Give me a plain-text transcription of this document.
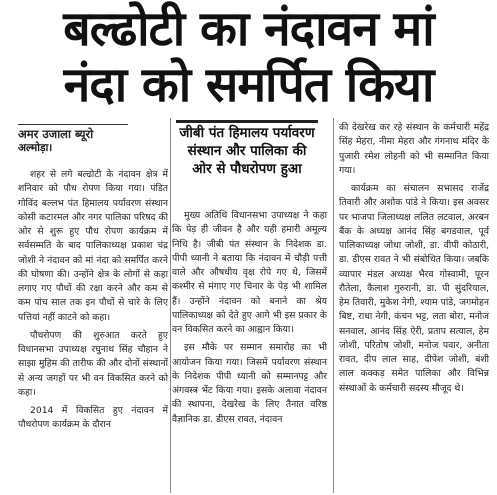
बल्ढोटी का नंदावन मां
नंदा को समर्पित किया
अमर उजाला ब्यूरो
अल्मोड़ा।

शहर से लगे बल्ढोटी के नंदावन क्षेत्र में शनिवार को पौध रोपण किया गया। पंडित गोविंद बल्लभ पंत हिमालय पर्यावरण संस्थान कोसी कटारमल और नगर पालिका परिषद की ओर से शुरू हुए पौध रोपण कार्यक्रम में सर्वसम्मति के बाद पालिकाध्यक्ष प्रकाश चंद्र जोशी ने नंदावन को मां नंदा को समर्पित करने की घोषणा की। उन्होंने क्षेत्र के लोगों से कहा लगाए गए पौधों की रक्षा करने और कम से कम पांच साल तक इन पौधों से चारे के लिए पत्तियां नहीं काटने को कहा।

पौधरोपण की शुरुआत करते हुए विधानसभा उपाध्यक्ष रघुनाथ सिंह चौहान ने साझा मुहिम की तारीफ की और दोनों संस्थानों से अन्य जगहों पर भी वन विकसित करने को कहा।

2014 में विकसित हुए नंदावन में पौधरोपण कार्यक्रम के दौरान

जीबी पंत हिमालय पर्यावरण संस्थान और पालिका की ओर से पौधरोपण हुआ

मुख्य अतिथि विधानसभा उपाध्यक्ष ने कहा कि पेड़ ही जीवन है और यही हमारी अमूल्य निधि है। जीबी पंत संस्थान के निदेशक डा. पीपी ध्यानी ने बताया कि नंदावन में चौड़ी पत्ती वाले और औषधीय वृक्ष रोपे गए थे, जिसमें कश्मीर से मंगाए गए चिनार के पेड़ भी शामिल हैं। उन्होंने नंदावन को बनाने का श्रेय पालिकाध्यक्ष को देते हुए आगे भी इस प्रकार के वन विकसित करने का आह्वान किया।

इस मौके पर सम्मान समारोह का भी आयोजन किया गया। जिसमें पर्यावरण संस्थान के निदेशक पीपी ध्यानी को सम्मानपट्ट और अंगवस्त्र भेंट किया गया। इसके अलावा नंदावन की स्थापना, देखरेख के लिए तैनात वरिष्ठ वैज्ञानिक डा. डीएस रावत, नंदावन

की देखरेख कर रहे संस्थान के कर्मचारी महेंद्र सिंह मेहरा, नीमा मेहरा और गंगनाथ मंदिर के पुजारी रमेश लोहनी को भी सम्मानित किया गया।

कार्यक्रम का संचालन सभासद राजेंद्र तिवारी और अशोक पांडे ने किया। इस अवसर पर भाजपा जिलाध्यक्ष ललित लटवाल, अरबन बैंक के अध्यक्ष आनंद सिंह बगडवाल, पूर्व पालिकाध्यक्ष जोधा जोशी, डा. वीपी कोठारी, डा. डीएस रावत ने भी संबोधित किया। जबकि व्यापार मंडल अध्यक्ष भैरव गोस्वामी, पूरन रौतेला, कैलाश गुरुरानी, डा. पी सुंदरियाल, हेम तिवारी, मुकेश नेगी, श्याम पांडे, जगमोहन बिष्ट, राधा नेगी, कंचन भट्ट, लता बोरा, मनोज सनवाल, आनंद सिंह ऐरी, प्रताप सत्याल, हेम जोशी, परितोष जोशी, मनोज पवार, अनीता रावत, दीप लाल साह, दीपेश जोशी, बंशी लाल कक्कड़ समेत पालिका और विभिन्न संस्थाओं के कर्मचारी सदस्य मौजूद थे।
